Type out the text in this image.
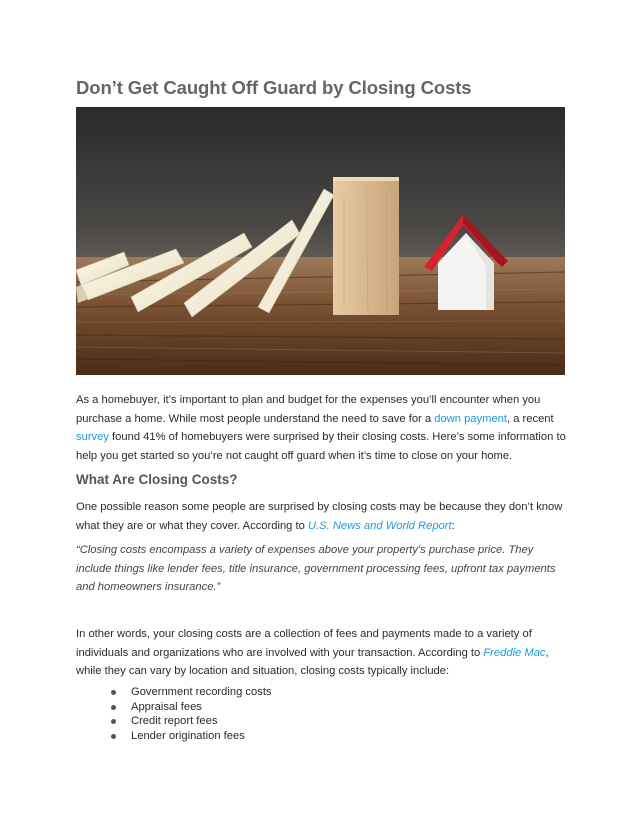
Don’t Get Caught Off Guard by Closing Costs

As a homebuyer, it’s important to plan and budget for the expenses you’ll encounter when you purchase a home. While most people understand the need to save for a down payment, a recent survey found 41% of homebuyers were surprised by their closing costs. Here’s some information to help you get started so you’re not caught off guard when it’s time to close on your home.

What Are Closing Costs?

One possible reason some people are surprised by closing costs may be because they don’t know what they are or what they cover. According to U.S. News and World Report:

“Closing costs encompass a variety of expenses above your property's purchase price. They include things like lender fees, title insurance, government processing fees, upfront tax payments and homeowners insurance.”

In other words, your closing costs are a collection of fees and payments made to a variety of individuals and organizations who are involved with your transaction. According to Freddie Mac, while they can vary by location and situation, closing costs typically include:

Government recording costs
Appraisal fees
Credit report fees
Lender origination fees
